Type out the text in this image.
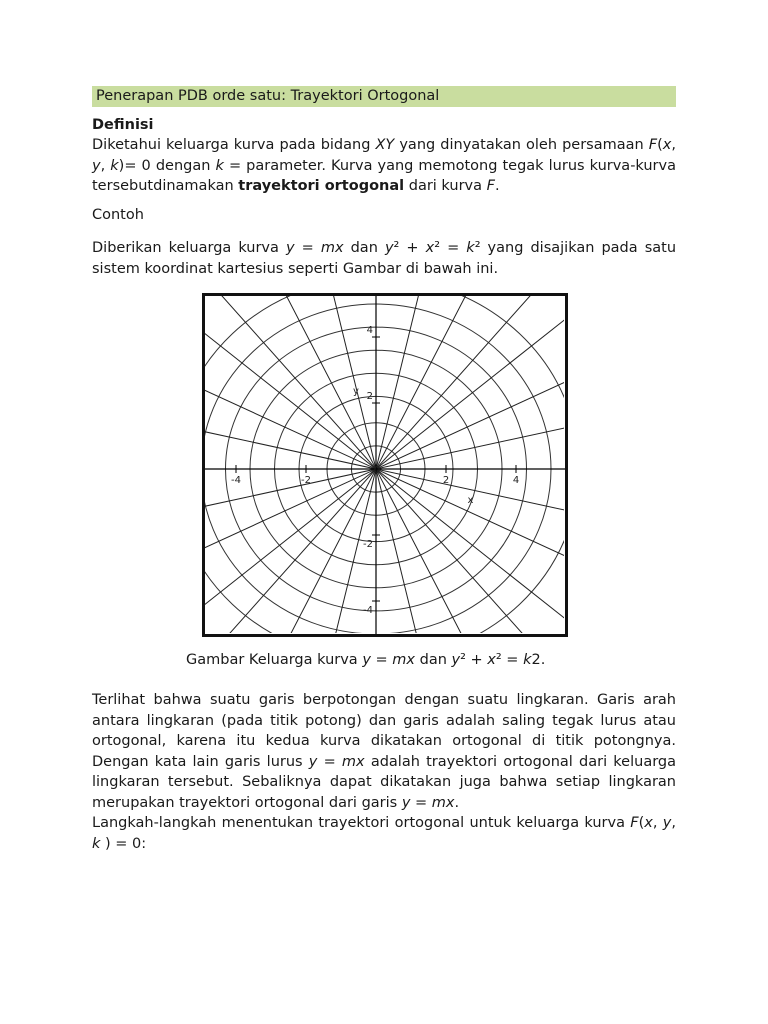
Penerapan PDB orde satu: Trayektori Ortogonal
Definisi

Diketahui keluarga kurva pada bidang XY yang dinyatakan oleh persamaan F(x, y, k)= 0 dengan k = parameter. Kurva yang memotong tegak lurus kurva-kurva tersebutdinamakan trayektori ortogonal dari kurva F.

Contoh

Diberikan keluarga kurva y = mx dan y² + x² = k² yang disajikan pada satu sistem koordinat kartesius seperti Gambar di bawah ini.

4
2
-2
-4
-4	-2	2	4
0
x
y
Gambar Keluarga kurva y = mx dan y² + x² = k2.

Terlihat bahwa suatu garis berpotongan dengan suatu lingkaran. Garis arah antara lingkaran (pada titik potong) dan garis adalah saling tegak lurus atau ortogonal, karena itu kedua kurva dikatakan ortogonal di titik potongnya. Dengan kata lain garis lurus y = mx adalah trayektori ortogonal dari keluarga lingkaran tersebut. Sebaliknya dapat dikatakan juga bahwa setiap lingkaran merupakan trayektori ortogonal dari garis y = mx.

Langkah-langkah menentukan trayektori ortogonal untuk keluarga kurva F(x, y, k ) = 0:
